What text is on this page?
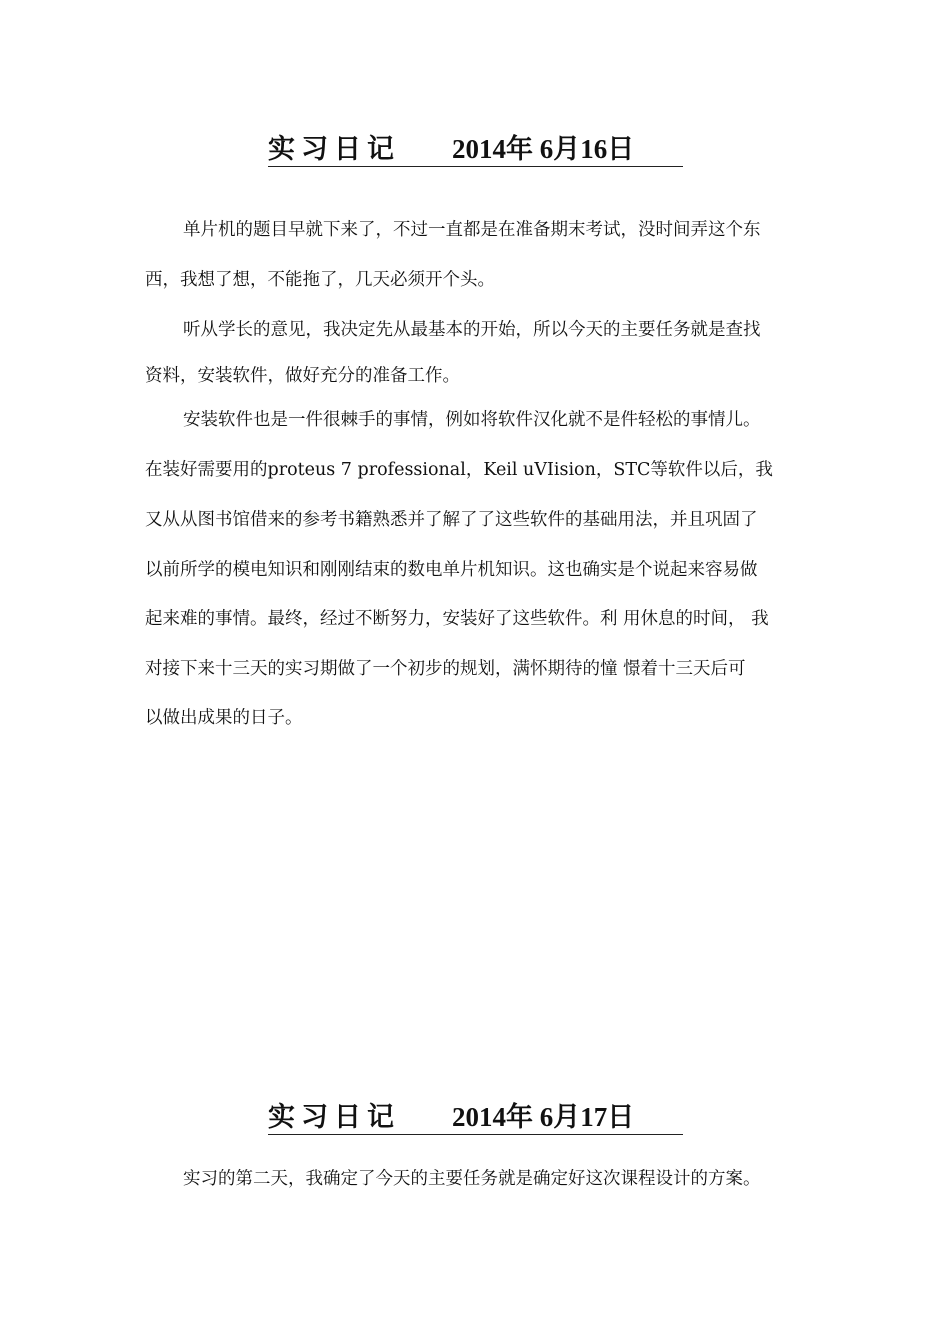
实习日记 2014年 6月16日
单片机的题目早就下来了，不过一直都是在准备期末考试，没时间弄这个东
西，我想了想，不能拖了，几天必须开个头。
听从学长的意见，我决定先从最基本的开始，所以今天的主要任务就是查找
资料，安装软件，做好充分的准备工作。
安装软件也是一件很棘手的事情，例如将软件汉化就不是件轻松的事情儿。
在装好需要用的proteus 7 professional，Keil uVIision，STC等软件以后，我
又从从图书馆借来的参考书籍熟悉并了解了了这些软件的基础用法，并且巩固了
以前所学的模电知识和刚刚结束的数电单片机知识。这也确实是个说起来容易做
起来难的事情。最终，经过不断努力，安装好了这些软件。利 用休息的时间， 我
对接下来十三天的实习期做了一个初步的规划，满怀期待的憧 憬着十三天后可
以做出成果的日子。
实习日记 2014年 6月17日
实习的第二天，我确定了今天的主要任务就是确定好这次课程设计的方案。
